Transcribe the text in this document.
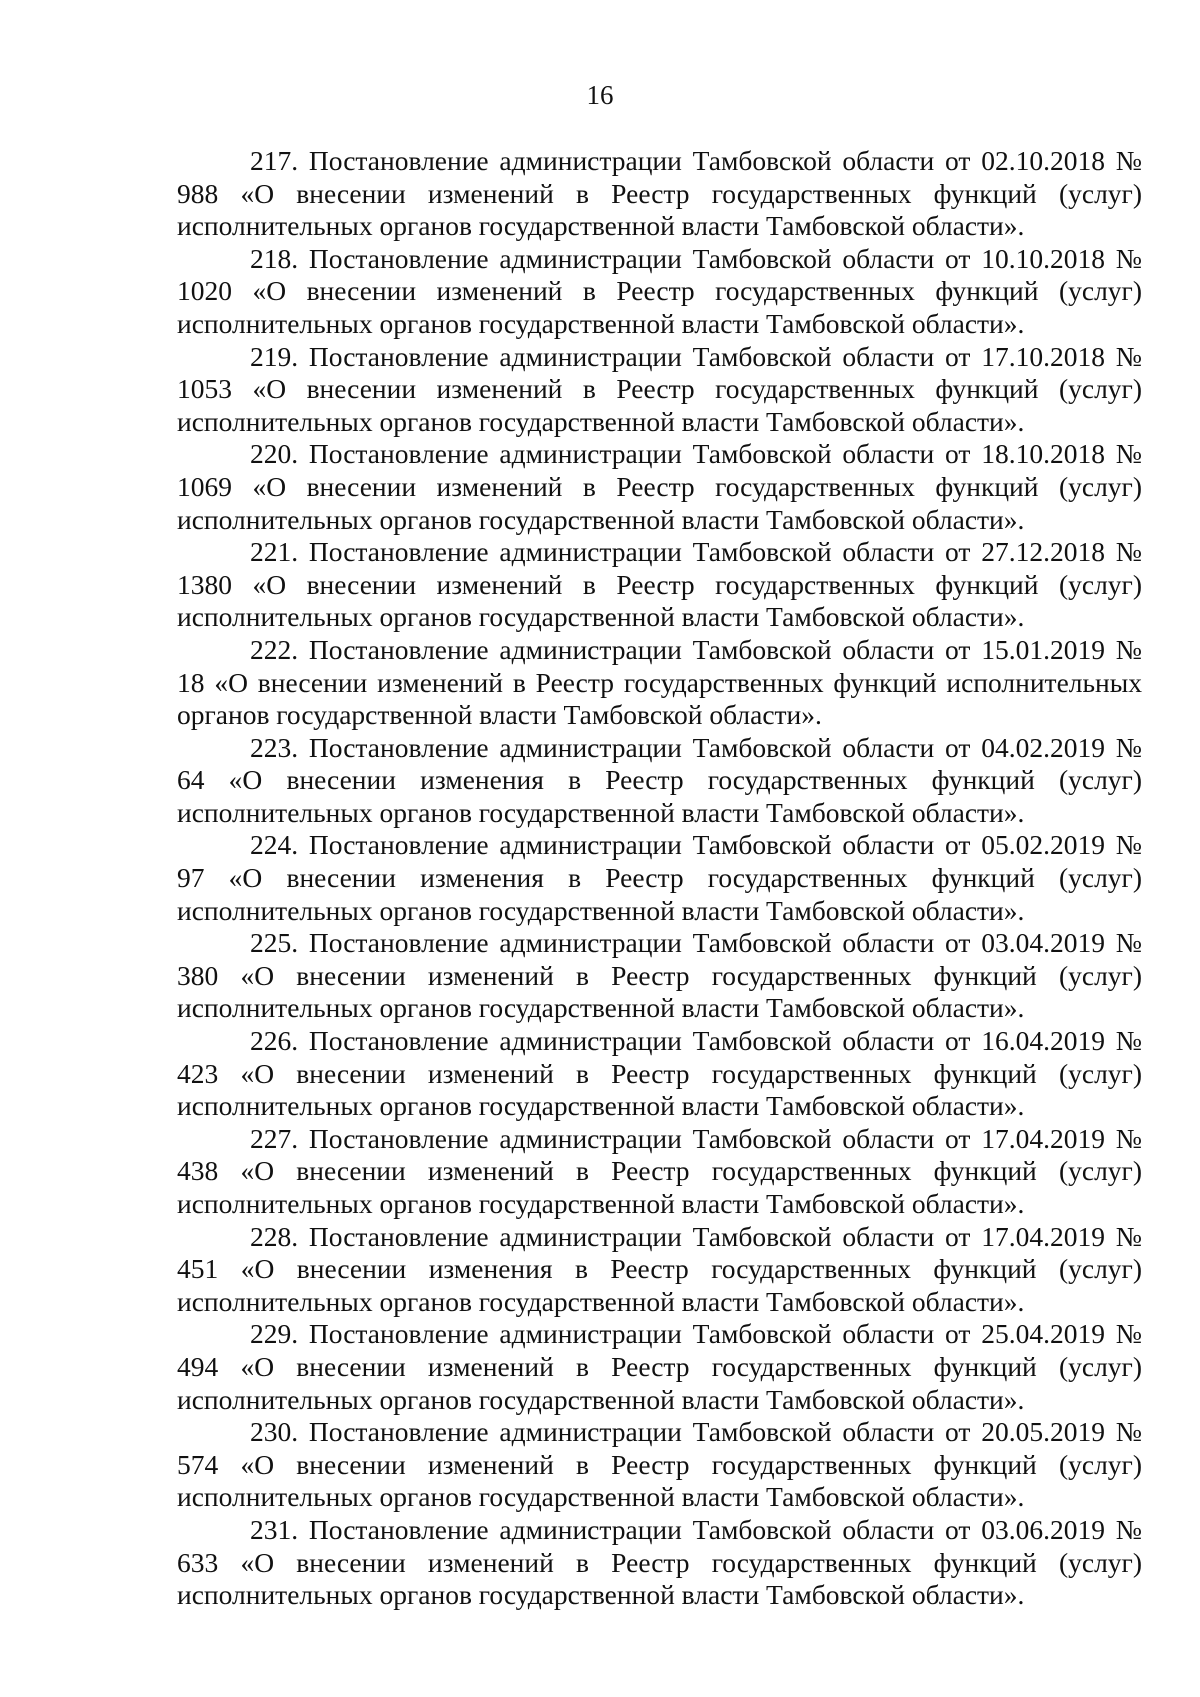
16

217. Постановление администрации Тамбовской области от 02.10.2018 № 988 «О внесении изменений в Реестр государственных функций (услуг) исполнительных органов государственной власти Тамбовской области».

218. Постановление администрации Тамбовской области от 10.10.2018 № 1020 «О внесении изменений в Реестр государственных функций (услуг) исполнительных органов государственной власти Тамбовской области».

219. Постановление администрации Тамбовской области от 17.10.2018 № 1053 «О внесении изменений в Реестр государственных функций (услуг) исполнительных органов государственной власти Тамбовской области».

220. Постановление администрации Тамбовской области от 18.10.2018 № 1069 «О внесении изменений в Реестр государственных функций (услуг) исполнительных органов государственной власти Тамбовской области».

221. Постановление администрации Тамбовской области от 27.12.2018 № 1380 «О внесении изменений в Реестр государственных функций (услуг) исполнительных органов государственной власти Тамбовской области».

222. Постановление администрации Тамбовской области от 15.01.2019 № 18 «О внесении изменений в Реестр государственных функций исполнительных органов государственной власти Тамбовской области».

223. Постановление администрации Тамбовской области от 04.02.2019 № 64 «О внесении изменения в Реестр государственных функций (услуг) исполнительных органов государственной власти Тамбовской области».

224. Постановление администрации Тамбовской области от 05.02.2019 № 97 «О внесении изменения в Реестр государственных функций (услуг) исполнительных органов государственной власти Тамбовской области».

225. Постановление администрации Тамбовской области от 03.04.2019 № 380 «О внесении изменений в Реестр государственных функций (услуг) исполнительных органов государственной власти Тамбовской области».

226. Постановление администрации Тамбовской области от 16.04.2019 № 423 «О внесении изменений в Реестр государственных функций (услуг) исполнительных органов государственной власти Тамбовской области».

227. Постановление администрации Тамбовской области от 17.04.2019 № 438 «О внесении изменений в Реестр государственных функций (услуг) исполнительных органов государственной власти Тамбовской области».

228. Постановление администрации Тамбовской области от 17.04.2019 № 451 «О внесении изменения в Реестр государственных функций (услуг) исполнительных органов государственной власти Тамбовской области».

229. Постановление администрации Тамбовской области от 25.04.2019 № 494 «О внесении изменений в Реестр государственных функций (услуг) исполнительных органов государственной власти Тамбовской области».

230. Постановление администрации Тамбовской области от 20.05.2019 № 574 «О внесении изменений в Реестр государственных функций (услуг) исполнительных органов государственной власти Тамбовской области».

231. Постановление администрации Тамбовской области от 03.06.2019 № 633 «О внесении изменений в Реестр государственных функций (услуг) исполнительных органов государственной власти Тамбовской области».
